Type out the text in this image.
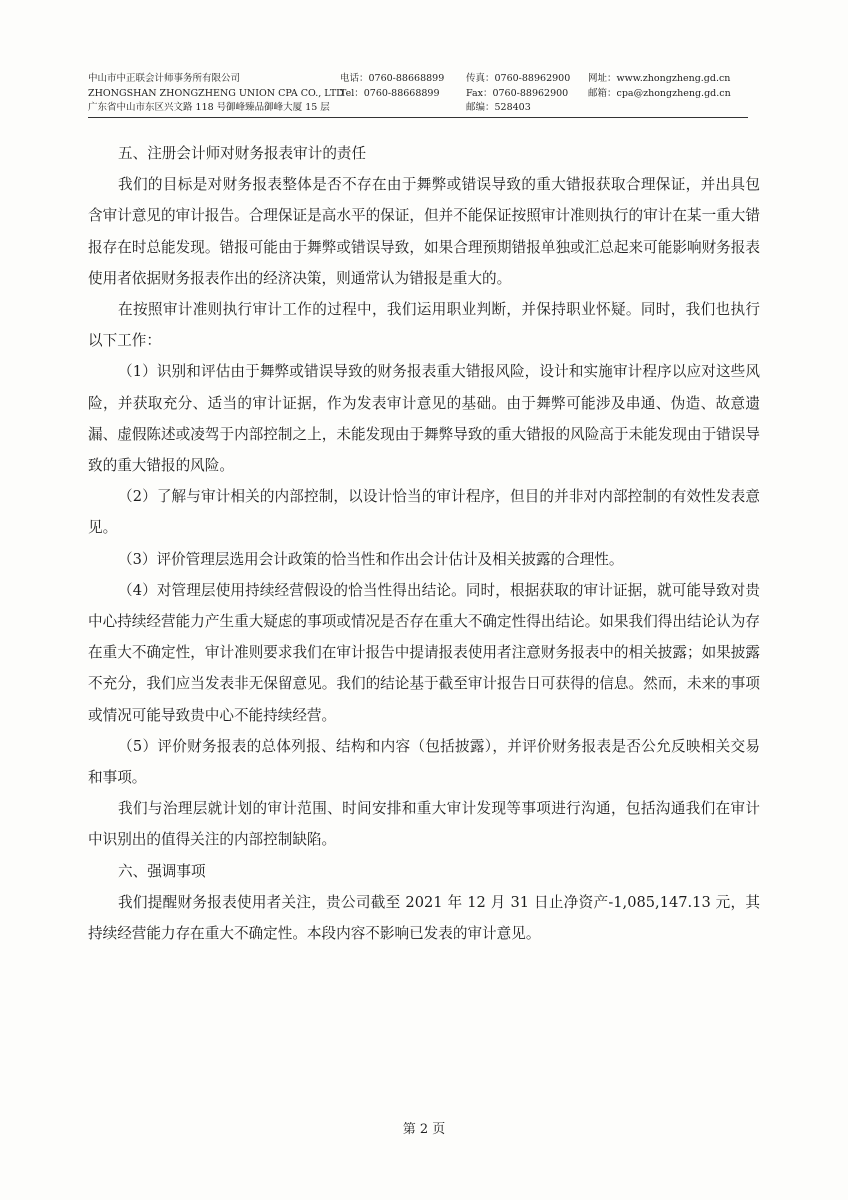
中山市中正联会计师事务所有限公司	电话：0760-88668899 传真：0760-88962900 网址：www.zhongzheng.gd.cn
ZHONGSHAN ZHONGZHENG UNION CPA CO., LTD
Tel：0760-88668899	Fax：0760-88962900 邮箱：cpa@zhongzheng.gd.cn
广东省中山市东区兴文路 118 号御峰臻品御峰大厦 15 层	邮编：528403

五、注册会计师对财务报表审计的责任

我们的目标是对财务报表整体是否不存在由于舞弊或错误导致的重大错报获取合理保证，并出具包含审计意见的审计报告。合理保证是高水平的保证，但并不能保证按照审计准则执行的审计在某一重大错报存在时总能发现。错报可能由于舞弊或错误导致，如果合理预期错报单独或汇总起来可能影响财务报表使用者依据财务报表作出的经济决策，则通常认为错报是重大的。

在按照审计准则执行审计工作的过程中，我们运用职业判断，并保持职业怀疑。同时，我们也执行以下工作：

（1）识别和评估由于舞弊或错误导致的财务报表重大错报风险，设计和实施审计程序以应对这些风险，并获取充分、适当的审计证据，作为发表审计意见的基础。由于舞弊可能涉及串通、伪造、故意遗漏、虚假陈述或凌驾于内部控制之上，未能发现由于舞弊导致的重大错报的风险高于未能发现由于错误导致的重大错报的风险。

（2）了解与审计相关的内部控制，以设计恰当的审计程序，但目的并非对内部控制的有效性发表意见。

（3）评价管理层选用会计政策的恰当性和作出会计估计及相关披露的合理性。

（4）对管理层使用持续经营假设的恰当性得出结论。同时，根据获取的审计证据，就可能导致对贵中心持续经营能力产生重大疑虑的事项或情况是否存在重大不确定性得出结论。如果我们得出结论认为存在重大不确定性，审计准则要求我们在审计报告中提请报表使用者注意财务报表中的相关披露；如果披露不充分，我们应当发表非无保留意见。我们的结论基于截至审计报告日可获得的信息。然而，未来的事项或情况可能导致贵中心不能持续经营。

（5）评价财务报表的总体列报、结构和内容（包括披露），并评价财务报表是否公允反映相关交易和事项。

我们与治理层就计划的审计范围、时间安排和重大审计发现等事项进行沟通，包括沟通我们在审计中识别出的值得关注的内部控制缺陷。

六、强调事项

我们提醒财务报表使用者关注，贵公司截至 2021 年 12 月 31 日止净资产-1,085,147.13 元，其持续经营能力存在重大不确定性。本段内容不影响已发表的审计意见。

第 2 页
